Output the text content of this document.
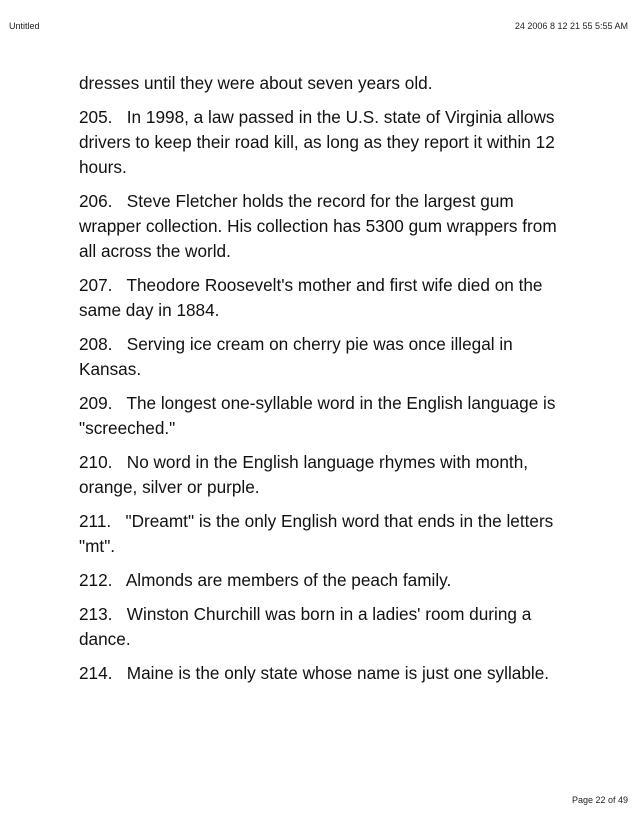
Untitled	24 2006 8 12 21 55 5:55 AM

dresses until they were about seven years old.

205.   In 1998, a law passed in the U.S. state of Virginia allows drivers to keep their road kill, as long as they report it within 12 hours.

206.   Steve Fletcher holds the record for the largest gum wrapper collection. His collection has 5300 gum wrappers from all across the world.

207.   Theodore Roosevelt's mother and first wife died on the same day in 1884.

208.   Serving ice cream on cherry pie was once illegal in Kansas.

209.   The longest one-syllable word in the English language is "screeched."

210.   No word in the English language rhymes with month, orange, silver or purple.

211.   "Dreamt" is the only English word that ends in the letters "mt".

212.   Almonds are members of the peach family.

213.   Winston Churchill was born in a ladies' room during a dance.

214.   Maine is the only state whose name is just one syllable.

Page 22 of 49
